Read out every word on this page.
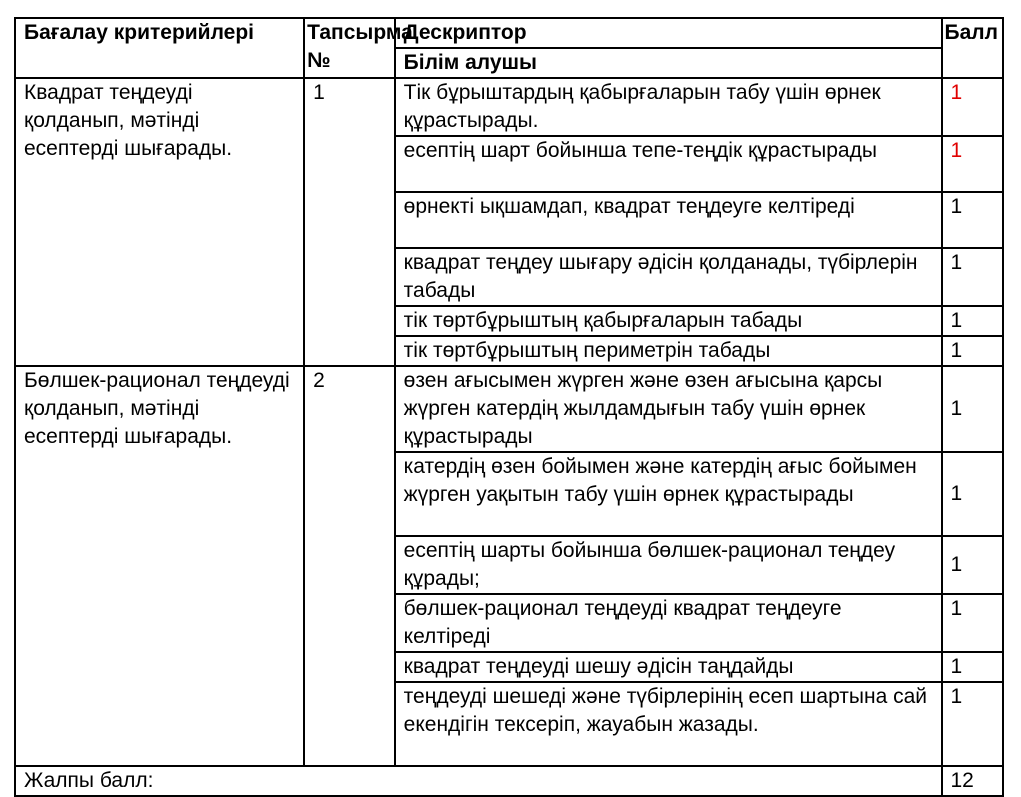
Бағалау критерийлері	Тапсырма №	Дескриптор	Балл
		Білім алушы	
Квадрат теңдеуді қолданып, мәтінді есептерді шығарады.	1	Тік бұрыштардың қабырғаларын табу үшін өрнек құрастырады.	1
		есептің шарт бойынша тепе-теңдік құрастырады	1
		өрнекті ықшамдап, квадрат теңдеуге келтіреді	1
		квадрат теңдеу шығару әдісін қолданады, түбірлерін табады	1
		тік төртбұрыштың қабырғаларын табады	1
		тік төртбұрыштың периметрін табады	1
Бөлшек-рационал теңдеуді қолданып, мәтінді есептерді шығарады.	2	өзен ағысымен жүрген және өзен ағысына қарсы жүрген катердің жылдамдығын табу үшін өрнек құрастырады	1
		катердің өзен бойымен және катердің ағыс бойымен жүрген уақытын табу үшін өрнек құрастырады	1
		есептің шарты бойынша бөлшек-рационал теңдеу құрады;	1
		бөлшек-рационал теңдеуді квадрат теңдеуге келтіреді	1
		квадрат теңдеуді шешу әдісін таңдайды	1
		теңдеуді шешеді және түбірлерінің есеп шартына сай екендігін тексеріп, жауабын жазады.	1
Жалпы балл:			12
